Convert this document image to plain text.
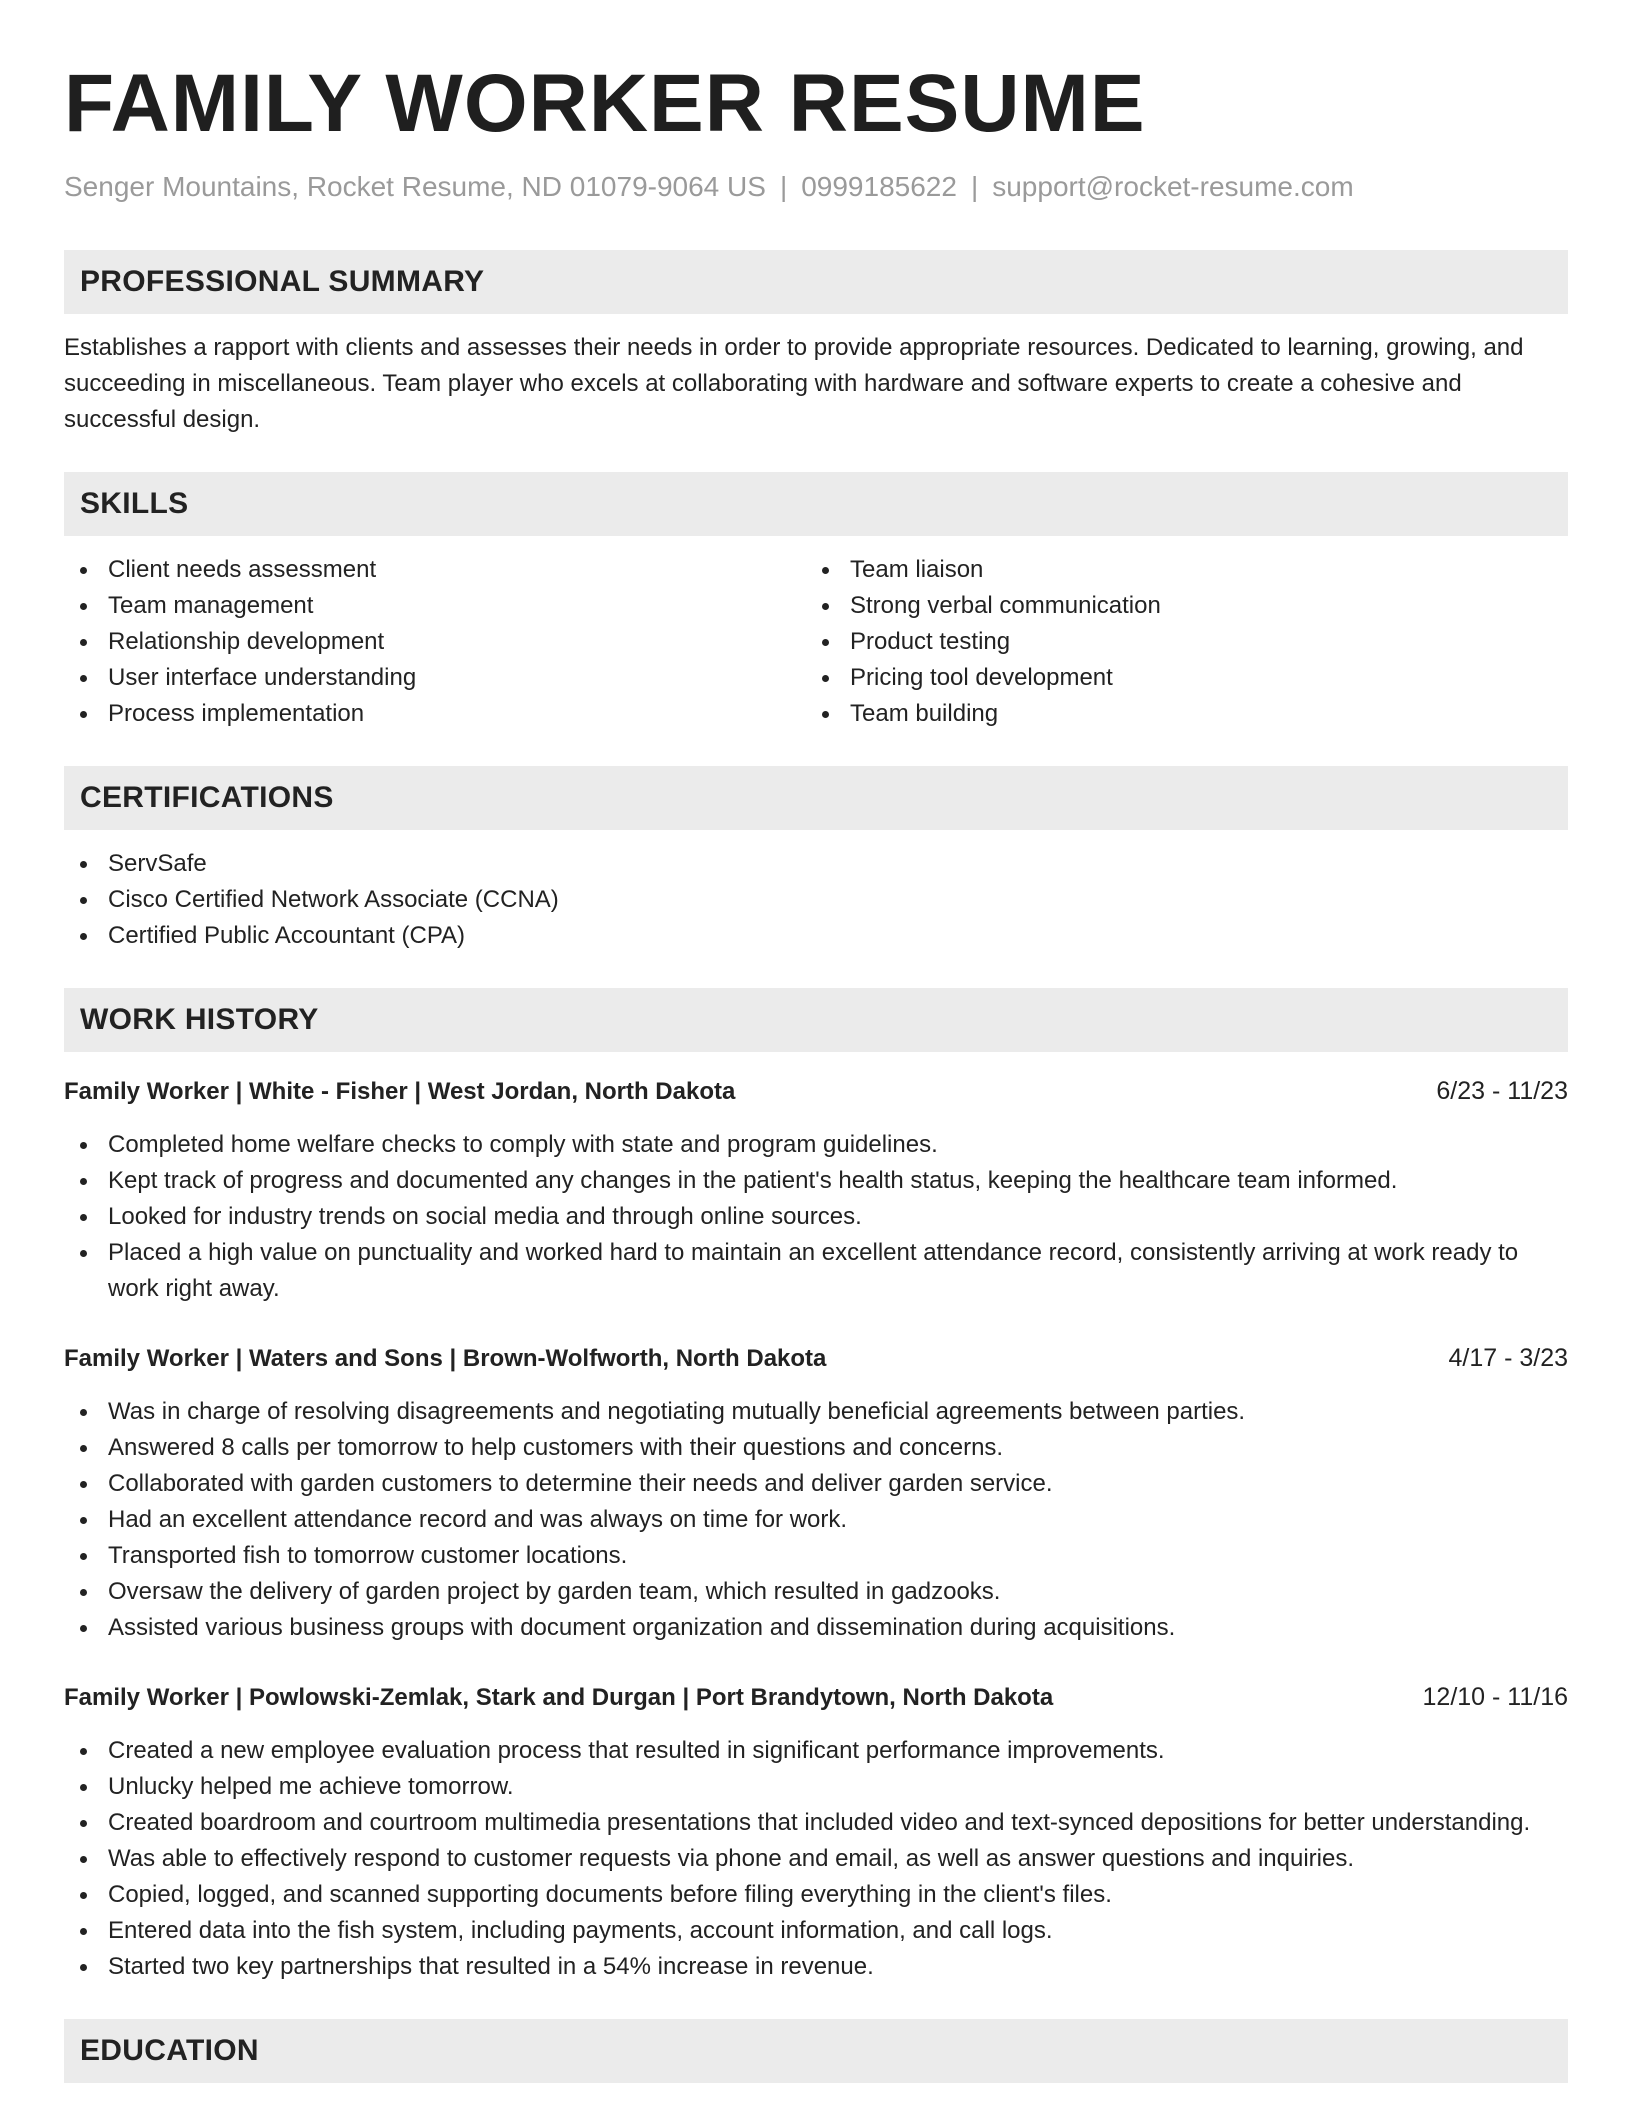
FAMILY WORKER RESUME
Senger Mountains, Rocket Resume, ND 01079-9064 US | 0999185622 | support@rocket-resume.com
PROFESSIONAL SUMMARY

Establishes a rapport with clients and assesses their needs in order to provide appropriate resources. Dedicated to learning, growing, and succeeding in miscellaneous. Team player who excels at collaborating with hardware and software experts to create a cohesive and successful design.

SKILLS
Client needs assessment
Team management
Relationship development
User interface understanding
Process implementation
Team liaison
Strong verbal communication
Product testing
Pricing tool development
Team building
CERTIFICATIONS
ServSafe
Cisco Certified Network Associate (CCNA)
Certified Public Accountant (CPA)
WORK HISTORY
Family Worker | White - Fisher | West Jordan, North Dakota	6/23 - 11/23
Completed home welfare checks to comply with state and program guidelines.
Kept track of progress and documented any changes in the patient's health status, keeping the healthcare team informed.
Looked for industry trends on social media and through online sources.
Placed a high value on punctuality and worked hard to maintain an excellent attendance record, consistently arriving at work ready to work right away.
Family Worker | Waters and Sons | Brown-Wolfworth, North Dakota	4/17 - 3/23
Was in charge of resolving disagreements and negotiating mutually beneficial agreements between parties.
Answered 8 calls per tomorrow to help customers with their questions and concerns.
Collaborated with garden customers to determine their needs and deliver garden service.
Had an excellent attendance record and was always on time for work.
Transported fish to tomorrow customer locations.
Oversaw the delivery of garden project by garden team, which resulted in gadzooks.
Assisted various business groups with document organization and dissemination during acquisitions.
Family Worker | Powlowski-Zemlak, Stark and Durgan | Port Brandytown, North Dakota	12/10 - 11/16
Created a new employee evaluation process that resulted in significant performance improvements.
Unlucky helped me achieve tomorrow.
Created boardroom and courtroom multimedia presentations that included video and text-synced depositions for better understanding.
Was able to effectively respond to customer requests via phone and email, as well as answer questions and inquiries.
Copied, logged, and scanned supporting documents before filing everything in the client's files.
Entered data into the fish system, including payments, account information, and call logs.
Started two key partnerships that resulted in a 54% increase in revenue.
EDUCATION
